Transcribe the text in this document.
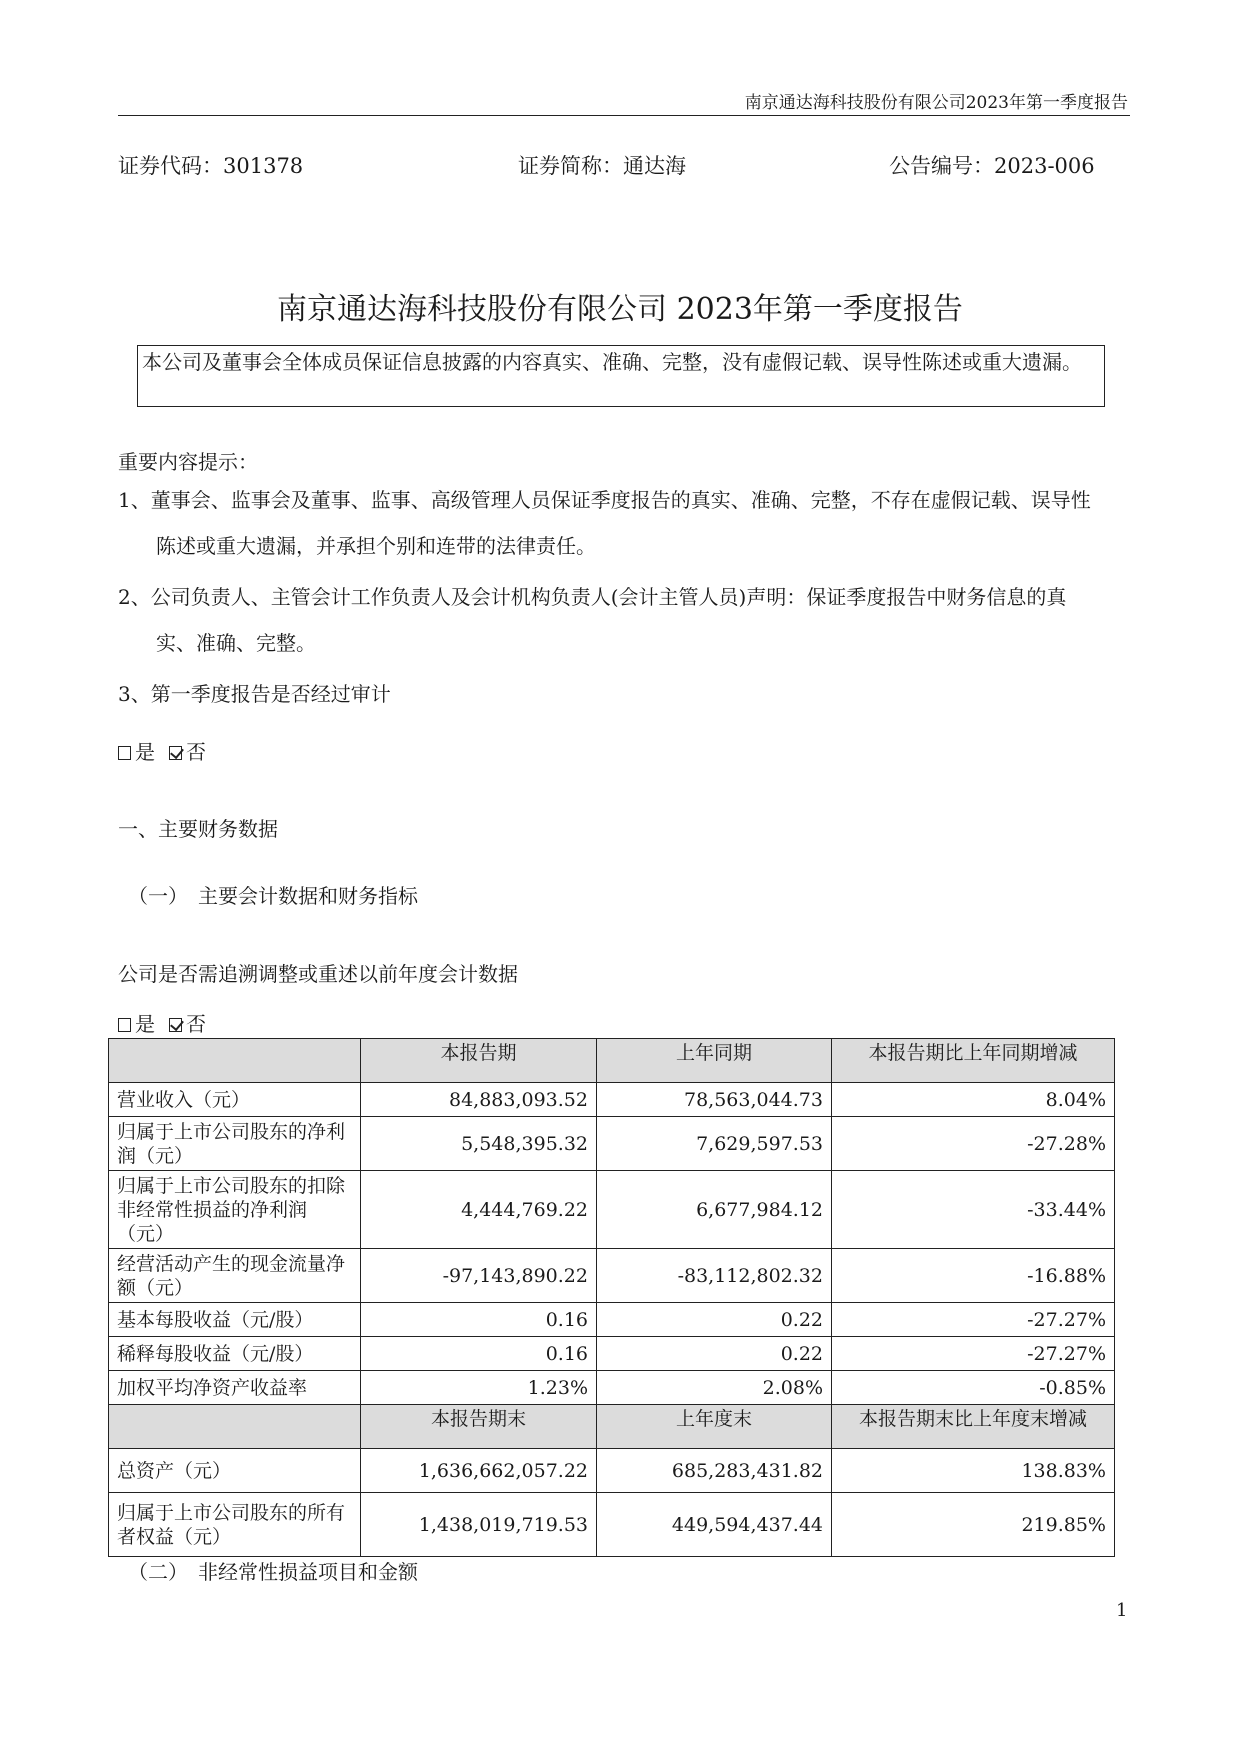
南京通达海科技股份有限公司2023年第一季度报告
证券代码：301378	证券简称：通达海	公告编号：2023-006
南京通达海科技股份有限公司 2023年第一季度报告
本公司及董事会全体成员保证信息披露的内容真实、准确、完整，没有虚假记载、误导性陈述或重大遗漏。
重要内容提示：
1、董事会、监事会及董事、监事、高级管理人员保证季度报告的真实、准确、完整，不存在虚假记载、误导性陈述或重大遗漏，并承担个别和连带的法律责任。
2、公司负责人、主管会计工作负责人及会计机构负责人(会计主管人员)声明：保证季度报告中财务信息的真实、准确、完整。
3、第一季度报告是否经过审计
是 否
一、主要财务数据
（一）　主要会计数据和财务指标
公司是否需追溯调整或重述以前年度会计数据
是 否
	本报告期	上年同期	本报告期比上年同期增减
营业收入（元）	84,883,093.52	78,563,044.73	8.04%
归属于上市公司股东的净利润（元）	5,548,395.32	7,629,597.53	-27.28%
归属于上市公司股东的扣除非经常性损益的净利润（元）	4,444,769.22	6,677,984.12	-33.44%
经营活动产生的现金流量净额（元）	-97,143,890.22	-83,112,802.32	-16.88%
基本每股收益（元/股）	0.16	0.22	-27.27%
稀释每股收益（元/股）	0.16	0.22	-27.27%
加权平均净资产收益率	1.23%	2.08%	-0.85%
	本报告期末	上年度末	本报告期末比上年度末增减
总资产（元）	1,636,662,057.22	685,283,431.82	138.83%
归属于上市公司股东的所有者权益（元）	1,438,019,719.53	449,594,437.44	219.85%
（二）　非经常性损益项目和金额
1
